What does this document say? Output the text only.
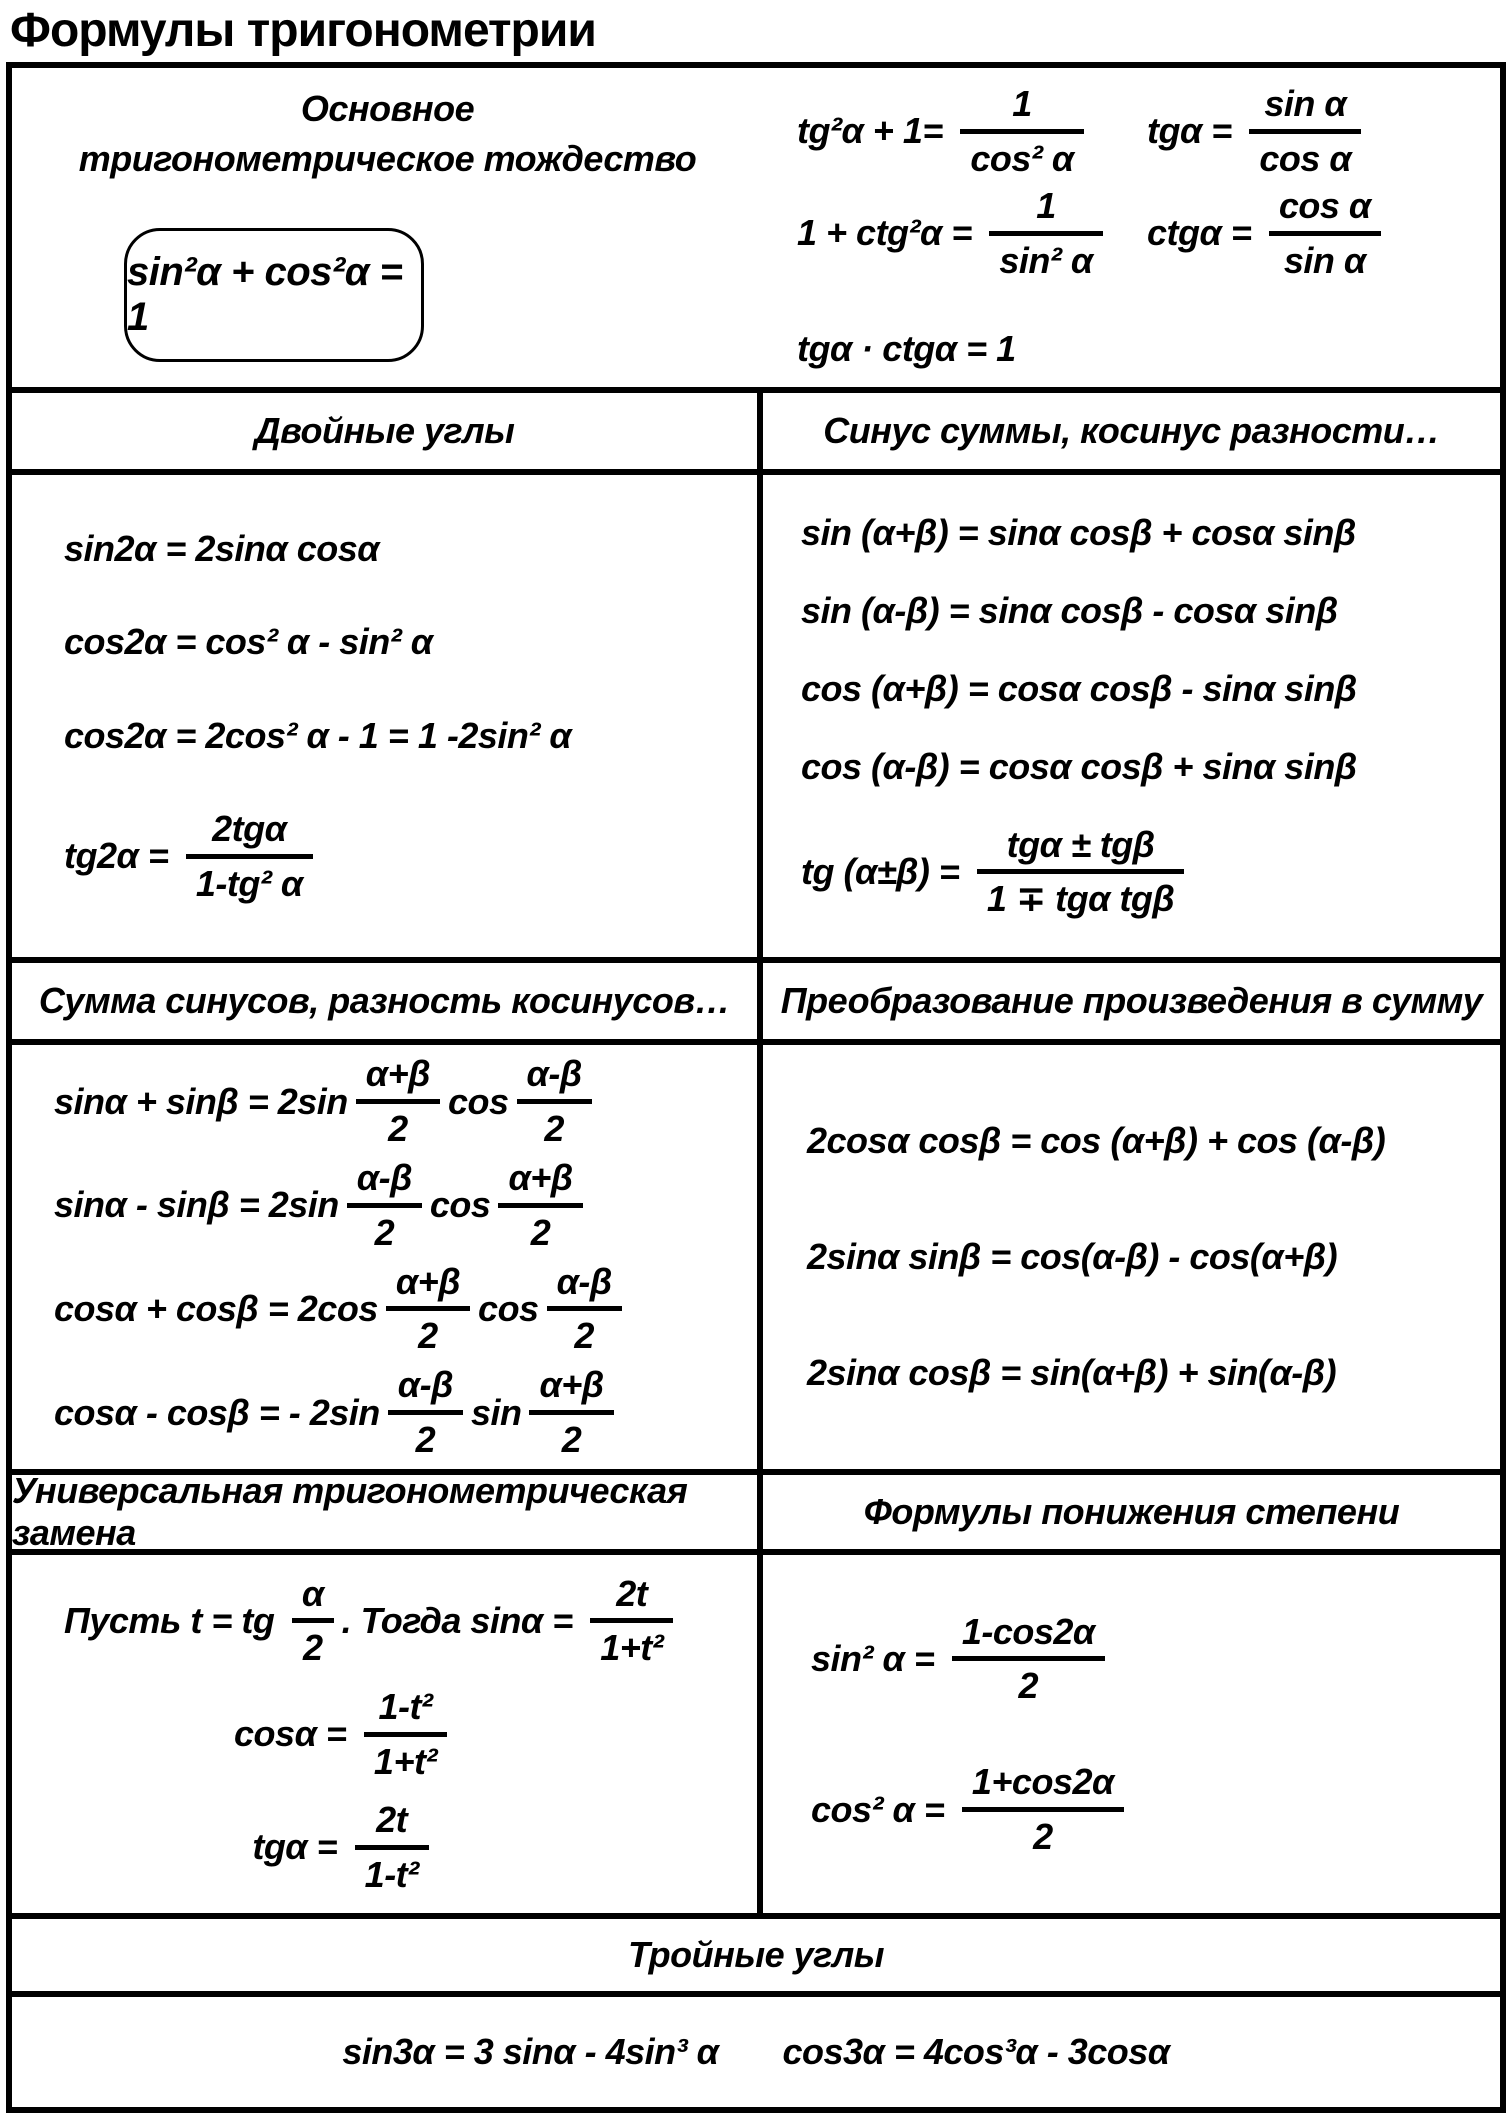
Формулы тригонометрии
Основное
тригонометрическое тождество
sin²α + cos²α = 1
$tg^2\alpha + 1= \frac{1}{\text{cos² α}}$ $tg\alpha = \frac{\text{sin α}}{\text{cos α}}$
$1 + ctg^2\alpha = \frac{1}{\text{sin² α}}$ $ctg\alpha = \frac{\text{cos α}}{\text{sin α}}$
tgα · ctgα = 1
Двойные углы	Синус суммы, косинус разности…
sin2α = 2sinα cosα
cos2α = cos² α - sin² α
cos2α = 2cos² α - 1 = 1 -2sin² α
$tg2\alpha = \frac{\text{2tgα}}{\text{1-tg² α}}$
sin (α+β) = sinα cosβ + cosα sinβ
sin (α-β) = sinα cosβ - cosα sinβ
cos (α+β) = cosα cosβ - sinα sinβ
cos (α-β) = cosα cosβ + sinα sinβ
tg $(\alpha\pm\beta) = \frac{\text{tgα ± tgβ}}{\text{1 ∓ tgα tgβ}}$
Сумма синусов, разность косинусов… Преобразование произведения в сумму
$\sin\alpha + \sin\beta = 2\sin \frac{\alpha+\beta}{2}$ $\cos \frac{\alpha-\beta}{2}$
$\sin\alpha - \sin\beta = 2\sin \frac{\alpha-\beta}{2}$ $\cos \frac{\alpha+\beta}{2}$
$\cos\alpha + \cos\beta = 2\cos \frac{\alpha+\beta}{2}$ $\cos \frac{\alpha-\beta}{2}$
cosα - cosβ = - $2\sin \frac{\alpha-\beta}{2}$ $\sin \frac{\alpha+\beta}{2}$
2cosα cosβ = cos (α+β) + cos (α-β)
2sinα sinβ = cos(α-β) - cos(α+β)
2sinα cosβ = sin(α+β) + sin(α-β)
Универсальная тригонометрическая замена
Формулы понижения степени
Пусть t = tg $\frac{\alpha}{2}$ . Тогда $\sin\alpha = \frac{2t}{\text{1+t²}}$
$\cos\alpha = \frac{\text{1-t²}}{\text{1+t²}}$
$tg\alpha = \frac{2t}{\text{1-t²}}$
sin² $\alpha = \frac{1-\cos 2\alpha}{2}$
cos² $\alpha = \frac{1+\cos 2\alpha}{2}$
Тройные углы
sin3α = 3 sinα - 4sin³ α cos3α = 4cos³α - 3cosα
